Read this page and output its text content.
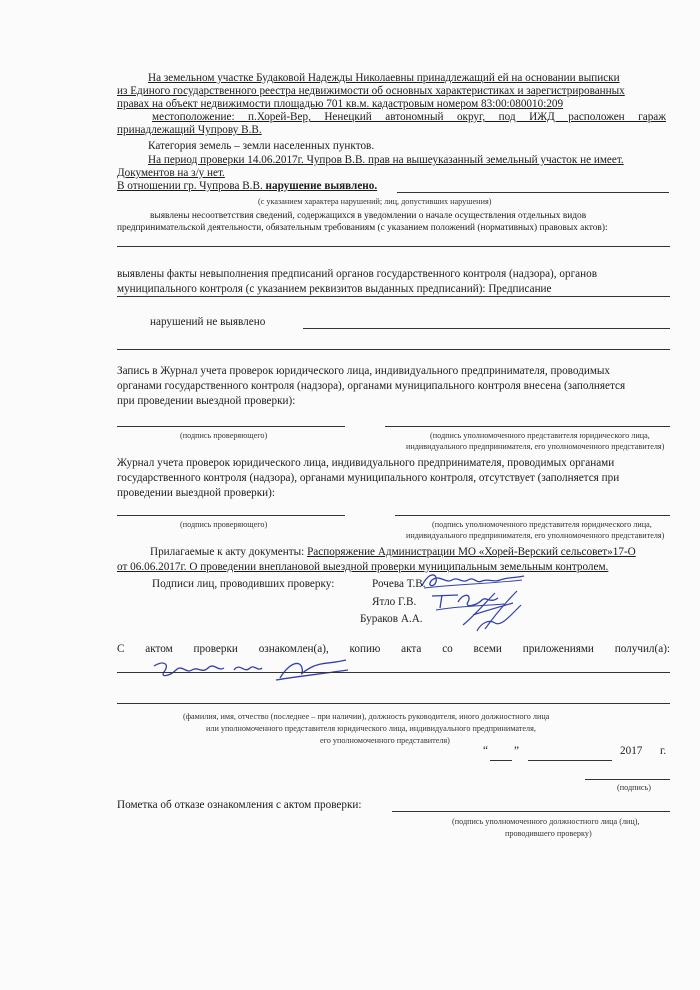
На земельном участке Будаковой Надежды Николаевны принадлежащий ей на основании выписки
из Единого государственного реестра недвижимости об основных характеристиках и зарегистрированных
правах на объект недвижимости площадью 701 кв.м. кадастровым номером 83:00:080010:209
местоположение: п.Хорей-Вер, Ненецкий автономный округ, под ИЖД расположен гараж
принадлежащий Чупрову В.В.
Категория земель – земли населенных пунктов.
На период проверки 14.06.2017г. Чупров В.В. прав на вышеуказанный земельный участок не имеет.
Документов на з/у нет.
В отношении гр. Чупрова В.В. нарушение выявлено.
(с указанием характера нарушений; лиц, допустивших нарушения)
выявлены несоответствия сведений, содержащихся в уведомлении о начале осуществления отдельных видов
предпринимательской деятельности, обязательным требованиям (с указанием положений (нормативных) правовых актов):
выявлены факты невыполнения предписаний органов государственного контроля (надзора), органов
муниципального контроля (с указанием реквизитов выданных предписаний): Предписание
нарушений не выявлено
Запись в Журнал учета проверок юридического лица, индивидуального предпринимателя, проводимых
органами государственного контроля (надзора), органами муниципального контроля внесена (заполняется
при проведении выездной проверки):
(подпись проверяющего)	(подпись уполномоченного представителя юридического лица,
индивидуального предпринимателя, его уполномоченного представителя)
Журнал учета проверок юридического лица, индивидуального предпринимателя, проводимых органами
государственного контроля (надзора), органами муниципального контроля, отсутствует (заполняется при
проведении выездной проверки):
(подпись проверяющего)	(подпись уполномоченного представителя юридического лица,
индивидуального предпринимателя, его уполномоченного представителя)
Прилагаемые к акту документы: Распоряжение Администрации МО «Хорей-Верский сельсовет»17-О
от 06.06.2017г. О проведении внеплановой выездной проверки муниципальным земельным контролем.
Подписи лиц, проводивших проверку:	Рочева Т.В.
Ятло Г.В.
Бураков А.А.
С актом проверки ознакомлен(а), копию акта со всеми приложениями получил(а):
(фамилия, имя, отчество (последнее – при наличии), должность руководителя, иного должностного лица
или уполномоченного представителя юридического лица, индивидуального предпринимателя,
его уполномоченного представителя)
“ ”	2017 г.
(подпись)
Пометка об отказе ознакомления с актом проверки:
(подпись уполномоченного должностного лица (лиц),
проводившего проверку)
